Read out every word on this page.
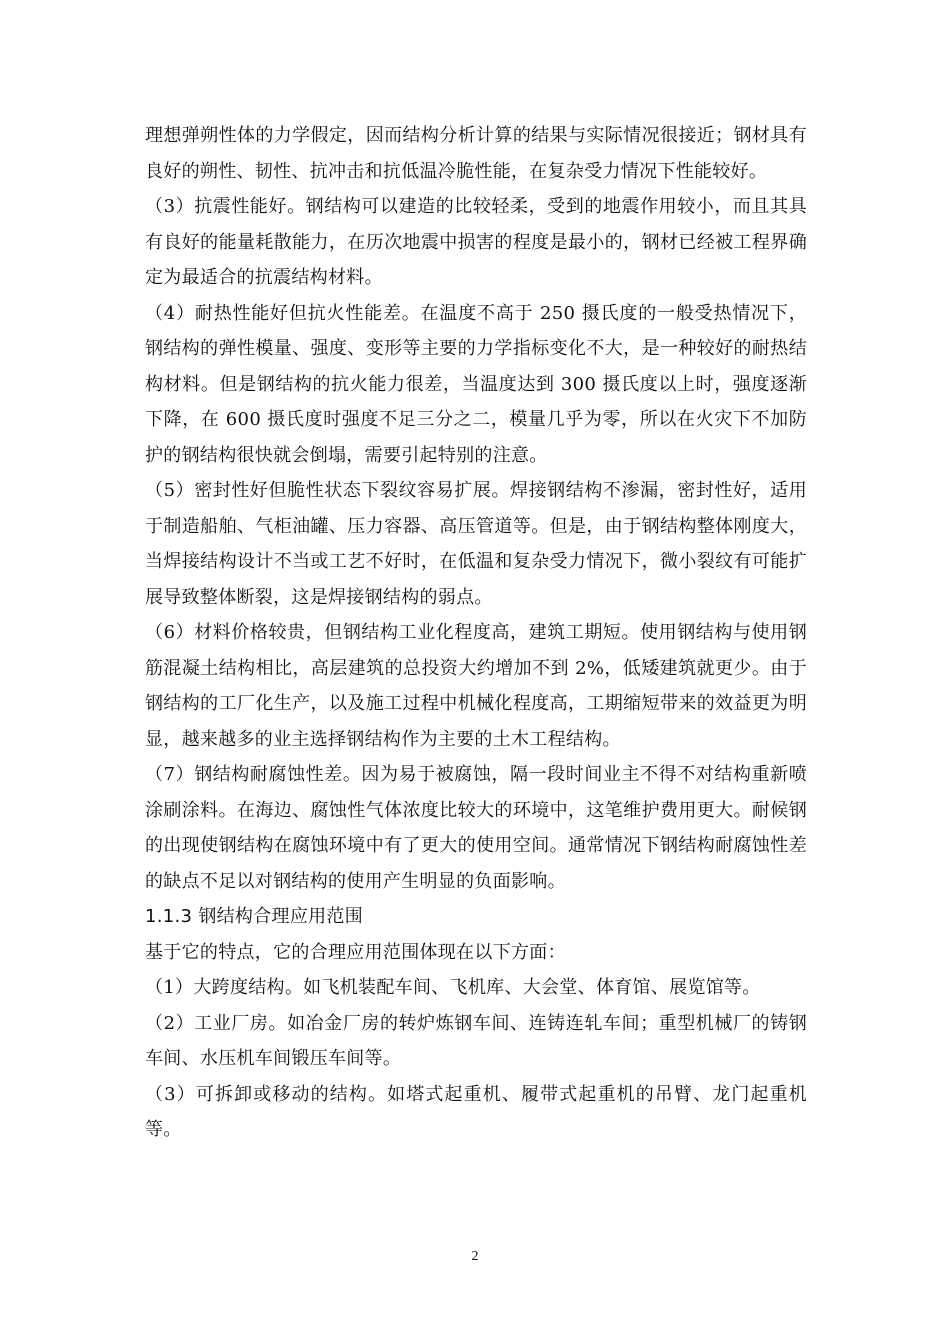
理想弹朔性体的力学假定，因而结构分析计算的结果与实际情况很接近；钢材具有良好的朔性、韧性、抗冲击和抗低温冷脆性能，在复杂受力情况下性能较好。

（3）抗震性能好。钢结构可以建造的比较轻柔，受到的地震作用较小，而且其具有良好的能量耗散能力，在历次地震中损害的程度是最小的，钢材已经被工程界确定为最适合的抗震结构材料。

（4）耐热性能好但抗火性能差。在温度不高于 250 摄氏度的一般受热情况下，钢结构的弹性模量、强度、变形等主要的力学指标变化不大，是一种较好的耐热结构材料。但是钢结构的抗火能力很差，当温度达到 300 摄氏度以上时，强度逐渐下降，在 600 摄氏度时强度不足三分之二，模量几乎为零，所以在火灾下不加防护的钢结构很快就会倒塌，需要引起特别的注意。

（5）密封性好但脆性状态下裂纹容易扩展。焊接钢结构不渗漏，密封性好，适用于制造船舶、气柜油罐、压力容器、高压管道等。但是，由于钢结构整体刚度大，当焊接结构设计不当或工艺不好时，在低温和复杂受力情况下，微小裂纹有可能扩展导致整体断裂，这是焊接钢结构的弱点。

（6）材料价格较贵，但钢结构工业化程度高，建筑工期短。使用钢结构与使用钢筋混凝土结构相比，高层建筑的总投资大约增加不到 2%，低矮建筑就更少。由于钢结构的工厂化生产，以及施工过程中机械化程度高，工期缩短带来的效益更为明显，越来越多的业主选择钢结构作为主要的土木工程结构。

（7）钢结构耐腐蚀性差。因为易于被腐蚀，隔一段时间业主不得不对结构重新喷涂刷涂料。在海边、腐蚀性气体浓度比较大的环境中，这笔维护费用更大。耐候钢的出现使钢结构在腐蚀环境中有了更大的使用空间。通常情况下钢结构耐腐蚀性差的缺点不足以对钢结构的使用产生明显的负面影响。

1.1.3 钢结构合理应用范围

基于它的特点，它的合理应用范围体现在以下方面：

（1）大跨度结构。如飞机装配车间、飞机库、大会堂、体育馆、展览馆等。

（2）工业厂房。如冶金厂房的转炉炼钢车间、连铸连轧车间；重型机械厂的铸钢车间、水压机车间锻压车间等。

（3）可拆卸或移动的结构。如塔式起重机、履带式起重机的吊臂、龙门起重机等。

2
